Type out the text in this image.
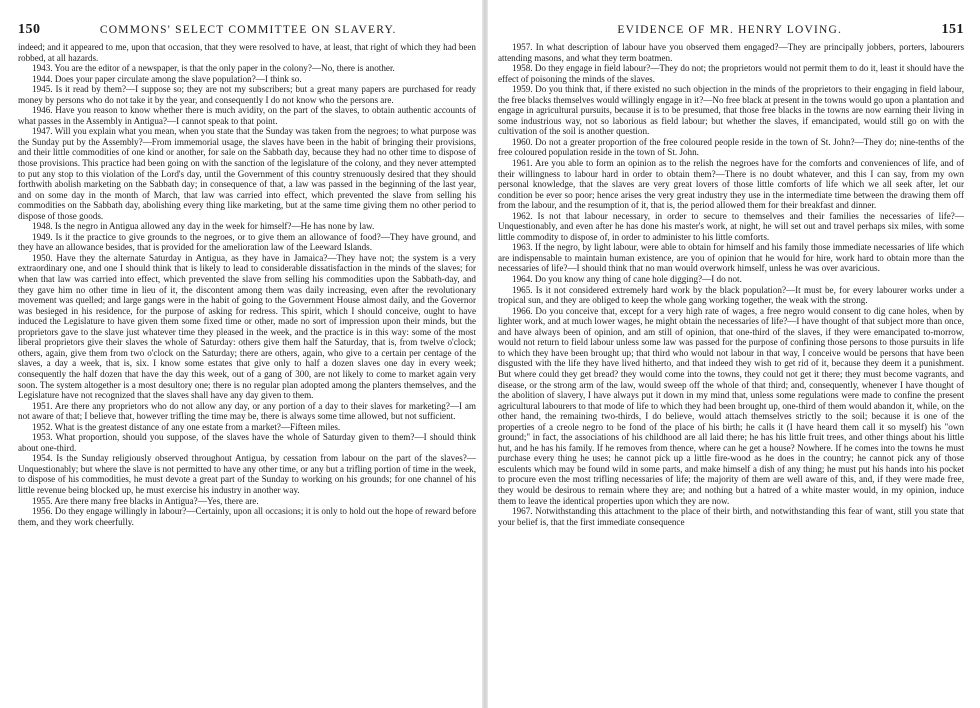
150	COMMONS' SELECT COMMITTEE ON SLAVERY.

indeed; and it appeared to me, upon that occasion, that they were resolved to have, at least, that right of which they had been robbed, at all hazards.

1943. You are the editor of a newspaper, is that the only paper in the colony?—No, there is another.

1944. Does your paper circulate among the slave population?—I think so.

1945. Is it read by them?—I suppose so; they are not my subscribers; but a great many papers are purchased for ready money by persons who do not take it by the year, and consequently I do not know who the persons are.

1946. Have you reason to know whether there is much avidity, on the part of the slaves, to obtain authentic accounts of what passes in the Assembly in Antigua?—I cannot speak to that point.

1947. Will you explain what you mean, when you state that the Sunday was taken from the negroes; to what purpose was the Sunday put by the Assembly?—From immemorial usage, the slaves have been in the habit of bringing their provisions, and their little commodities of one kind or another, for sale on the Sabbath day, because they had no other time to dispose of those provisions. This practice had been going on with the sanction of the legislature of the colony, and they never attempted to put any stop to this violation of the Lord's day, until the Government of this country strenuously desired that they should forthwith abolish marketing on the Sabbath day; in consequence of that, a law was passed in the beginning of the last year, and on some day in the month of March, that law was carried into effect, which prevented the slave from selling his commodities on the Sabbath day, abolishing every thing like marketing, but at the same time giving them no other period to dispose of those goods.

1948. Is the negro in Antigua allowed any day in the week for himself?—He has none by law.

1949. Is it the practice to give grounds to the negroes, or to give them an allowance of food?—They have ground, and they have an allowance besides, that is provided for the amelioration law of the Leeward Islands.

1950. Have they the alternate Saturday in Antigua, as they have in Jamaica?—They have not; the system is a very extraordinary one, and one I should think that is likely to lead to considerable dissatisfaction in the minds of the slaves; for when that law was carried into effect, which prevented the slave from selling his commodities upon the Sabbath-day, and they gave him no other time in lieu of it, the discontent among them was daily increasing, even after the revolutionary movement was quelled; and large gangs were in the habit of going to the Government House almost daily, and the Governor was besieged in his residence, for the purpose of asking for redress. This spirit, which I should conceive, ought to have induced the Legislature to have given them some fixed time or other, made no sort of impression upon their minds, but the proprietors gave to the slave just whatever time they pleased in the week, and the practice is in this way: some of the most liberal proprietors give their slaves the whole of Saturday: others give them half the Saturday, that is, from twelve o'clock; others, again, give them from two o'clock on the Saturday; there are others, again, who give to a certain per centage of the slaves, a day a week, that is, six. I know some estates that give only to half a dozen slaves one day in every week; consequently the half dozen that have the day this week, out of a gang of 300, are not likely to come to market again very soon. The system altogether is a most desultory one; there is no regular plan adopted among the planters themselves, and the Legislature have not recognized that the slaves shall have any day given to them.

1951. Are there any proprietors who do not allow any day, or any portion of a day to their slaves for marketing?—I am not aware of that; I believe that, however trifling the time may be, there is always some time allowed, but not sufficient.

1952. What is the greatest distance of any one estate from a market?—Fifteen miles.

1953. What proportion, should you suppose, of the slaves have the whole of Saturday given to them?—I should think about one-third.

1954. Is the Sunday religiously observed throughout Antigua, by cessation from labour on the part of the slaves?—Unquestionably; but where the slave is not permitted to have any other time, or any but a trifling portion of time in the week, to dispose of his commodities, he must devote a great part of the Sunday to working on his grounds; for one channel of his little revenue being blocked up, he must exercise his industry in another way.

1955. Are there many free blacks in Antigua?—Yes, there are.

1956. Do they engage willingly in labour?—Certainly, upon all occasions; it is only to hold out the hope of reward before them, and they work cheerfully.

EVIDENCE OF MR. HENRY LOVING.	151

1957. In what description of labour have you observed them engaged?—They are principally jobbers, porters, labourers attending masons, and what they term boatmen.

1958. Do they engage in field labour?—They do not; the proprietors would not permit them to do it, least it should have the effect of poisoning the minds of the slaves.

1959. Do you think that, if there existed no such objection in the minds of the proprietors to their engaging in field labour, the free blacks themselves would willingly engage in it?—No free black at present in the towns would go upon a plantation and engage in agricultural pursuits, because it is to be presumed, that those free blacks in the towns are now earning their living in some industrious way, not so laborious as field labour; but whether the slaves, if emancipated, would still go on with the cultivation of the soil is another question.

1960. Do not a greater proportion of the free coloured people reside in the town of St. John?—They do; nine-tenths of the free coloured population reside in the town of St. John.

1961. Are you able to form an opinion as to the relish the negroes have for the comforts and conveniences of life, and of their willingness to labour hard in order to obtain them?—There is no doubt whatever, and this I can say, from my own personal knowledge, that the slaves are very great lovers of those little comforts of life which we all seek after, let our condition be ever so poor; hence arises the very great industry they use in the intermediate time between the drawing them off from the labour, and the resumption of it, that is, the period allowed them for their breakfast and dinner.

1962. Is not that labour necessary, in order to secure to themselves and their families the necessaries of life?—Unquestionably, and even after he has done his master's work, at night, he will set out and travel perhaps six miles, with some little commodity to dispose of, in order to administer to his little comforts.

1963. If the negro, by light labour, were able to obtain for himself and his family those immediate necessaries of life which are indispensable to maintain human existence, are you of opinion that he would for hire, work hard to obtain more than the necessaries of life?—I should think that no man would overwork himself, unless he was over avaricious.

1964. Do you know any thing of cane hole digging?—I do not.

1965. Is it not considered extremely hard work by the black population?—It must be, for every labourer works under a tropical sun, and they are obliged to keep the whole gang working together, the weak with the strong.

1966. Do you conceive that, except for a very high rate of wages, a free negro would consent to dig cane holes, when by lighter work, and at much lower wages, he might obtain the necessaries of life?—I have thought of that subject more than once, and have always been of opinion, and am still of opinion, that one-third of the slaves, if they were emancipated to-morrow, would not return to field labour unless some law was passed for the purpose of confining those persons to those pursuits in life to which they have been brought up; that third who would not labour in that way, I conceive would be persons that have been disgusted with the life they have lived hitherto, and that indeed they wish to get rid of it, because they deem it a punishment. But where could they get bread? they would come into the towns, they could not get it there; they must become vagrants, and disease, or the strong arm of the law, would sweep off the whole of that third; and, consequently, whenever I have thought of the abolition of slavery, I have always put it down in my mind that, unless some regulations were made to confine the present agricultural labourers to that mode of life to which they had been brought up, one-third of them would abandon it, while, on the other hand, the remaining two-thirds, I do believe, would attach themselves strictly to the soil; because it is one of the properties of a creole negro to be fond of the place of his birth; he calls it (I have heard them call it so myself) his "own ground;" in fact, the associations of his childhood are all laid there; he has his little fruit trees, and other things about his little hut, and he has his family. If he removes from thence, where can he get a house? Nowhere. If he comes into the towns he must purchase every thing he uses; he cannot pick up a little fire-wood as he does in the country; he cannot pick any of those esculents which may be found wild in some parts, and make himself a dish of any thing; he must put his hands into his pocket to procure even the most trifling necessaries of life; the majority of them are well aware of this, and, if they were made free, they would be desirous to remain where they are; and nothing but a hatred of a white master would, in my opinion, induce them to leave the identical properties upon which they are now.

1967. Notwithstanding this attachment to the place of their birth, and notwithstanding this fear of want, still you state that your belief is, that the first immediate consequence
